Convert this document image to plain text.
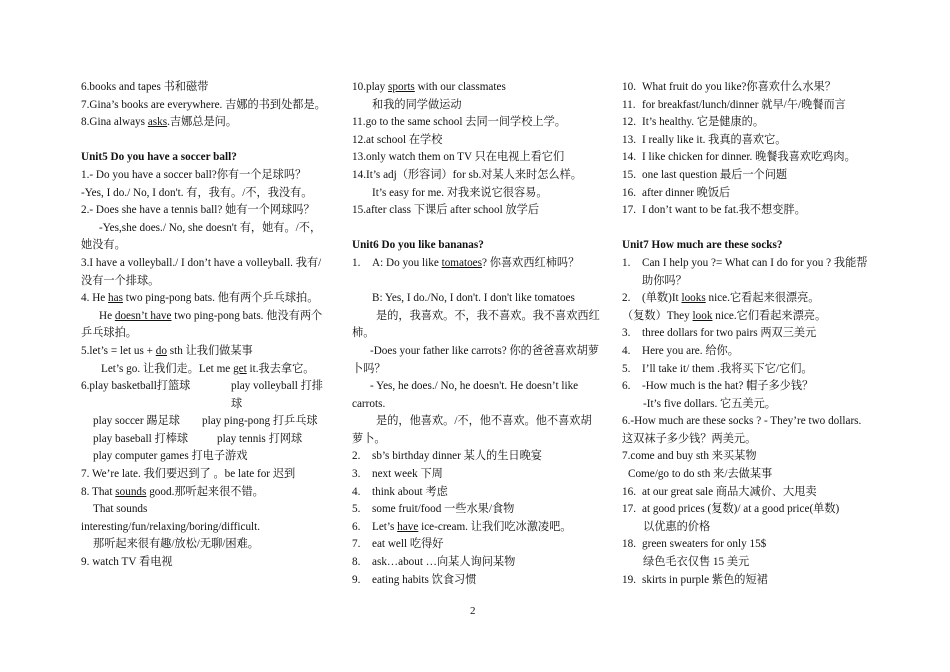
6.books and tapes 书和磁带
7.Gina’s books are everywhere. 吉娜的书到处都是。
8.Gina always asks.吉娜总是问。
Unit5 Do you have a soccer ball?
1.- Do you have a soccer ball?你有一个足球吗？
-Yes, I do./ No, I don't. 有，我有。/不，我没有。
2.- Does she have a tennis ball? 她有一个网球吗？
-Yes,she does./ No, she doesn't 有，她有。/不，她没有。
3.I have a volleyball./ I don’t have a volleyball. 我有/没有一个排球。
4. He has two ping-pong bats. 他有两个乒乓球拍。
He doesn’t have two ping-pong bats. 他没有两个乒乓球拍。
5.let’s = let us + do sth 让我们做某事
Let’s go. 让我们走。Let me get it.我去拿它。
6.play basketball打篮球	play volleyball 打排球
play soccer 踢足球 play ping-pong 打乒乓球
play baseball 打棒球	play tennis 打网球
play computer games 打电子游戏
7. We’re late. 我们要迟到了 。be late for 迟到
8. That sounds good.那听起来很不错。
That sounds
interesting/fun/relaxing/boring/difficult.
那听起来很有趣/放松/无聊/困难。
9. watch TV 看电视
10.play sports with our classmates
和我的同学做运动
11.go to the same school 去同一间学校上学。
12.at school 在学校
13.only watch them on TV 只在电视上看它们
14.It’s adj（形容词）for sb.对某人来时怎么样。
It’s easy for me. 对我来说它很容易。
15.after class 下课后 after school 放学后
Unit6 Do you like bananas?
1. A: Do you like tomatoes? 你喜欢西红柿吗？
B: Yes, I do./No, I don't. I don't like tomatoes
是的，我喜欢。不，我不喜欢。我不喜欢西红柿。
-Does your father like carrots? 你的爸爸喜欢胡萝卜吗？
- Yes, he does./ No, he doesn't. He doesn’t like carrots.
是的，他喜欢。/不，他不喜欢。他不喜欢胡萝卜。
2. sb’s birthday dinner 某人的生日晚宴
3. next week 下周
4. think about 考虑
5. some fruit/food 一些水果/食物
6. Let’s have ice-cream. 让我们吃冰激凌吧。
7. eat well 吃得好
8. ask…about …向某人询问某物
9. eating habits 饮食习惯
10. What fruit do you like?你喜欢什么水果？
11. for breakfast/lunch/dinner 就早/午/晚餐而言
12. It’s healthy. 它是健康的。
13. I really like it. 我真的喜欢它。
14. I like chicken for dinner. 晚餐我喜欢吃鸡肉。
15. one last question 最后一个问题
16. after dinner 晚饭后
17. I don’t want to be fat.我不想变胖。
Unit7 How much are these socks?
1.	Can I help you ?= What can I do for you ? 我能帮助你吗？
2. (单数)It looks nice.它看起来很漂亮。
（复数）They look nice.它们看起来漂亮。
3. three dollars for two pairs 两双三美元
4. Here you are. 给你。
5. I’ll take it/ them .我将买下它/它们。
6. -How much is the hat? 帽子多少钱？
-It’s five dollars. 它五美元。
6.-How much are these socks ? - They’re two dollars. 这双袜子多少钱？两美元。
7.come and buy sth 来买某物
Come/go to do sth 来/去做某事
16. at our great sale 商品大减价、大甩卖
17. at good prices (复数)/ at a good price(单数)
以优惠的价格
18. green sweaters for only 15$
绿色毛衣仅售 15 美元
19. skirts in purple 紫色的短裙
2
